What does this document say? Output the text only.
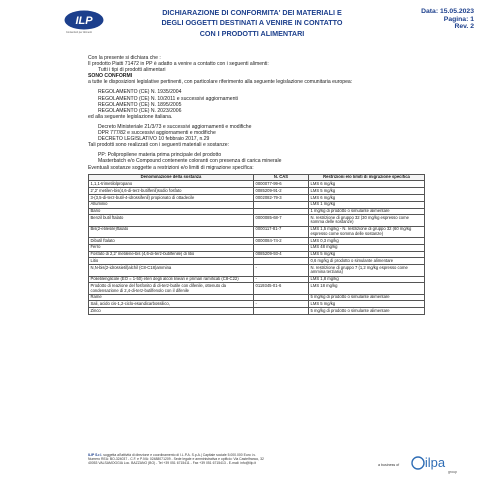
ILP
Contenitori per Alimenti
DICHIARAZIONE DI CONFORMITA' DEI MATERIALI E
DEGLI OGGETTI DESTINATI A VENIRE IN CONTATTO
CON I PRODOTTI ALIMENTARI
Data: 15.05.2023
Pagina: 1
Rev. 2

Con la presente si dichiara che :

Il prodotto Piatti 71472 in PP è adatto a venire a contatto con i seguenti alimenti:

Tutti i tipi di prodotti alimentari

SONO CONFORMI

a tutte le disposizioni legislative pertinenti, con particolare riferimento alla seguente legislazione comunitaria europea:

REGOLAMENTO (CE) N. 1935/2004

REGOLAMENTO (CE) N. 10/2011 e successivi aggiornamenti

REGOLAMENTO (CE) N. 1895/2005

REGOLAMENTO (CE) N. 2023/2006

ed alla seguente legislazione italiana.

Decreto Ministeriale 21/3/73 e successivi aggiornamenti e modifiche

DPR 777/82 e successivi aggiornamenti e modifiche

DECRETO LEGISLATIVO 10 febbraio 2017, n.29

Tali prodotti sono realizzati con i seguenti materiali e sostanze:

PP: Polipropilene materia prima principale del prodotto

Masterbatch e/o Compound contenente coloranti con presenza di carica minerale

Eventuali sostanze soggette a restrizioni e/o limiti di migrazione specifica:

Denominazione della sostanza	N. CAS	Restrizioni e/o limiti di migrazione specifica
1,1,1-trimetilolpropano	0000077-99-6	LMS 6 mg/kg
2',2' metilen-bis(4,6-di-terz-butilfenil)sodio fosfato	0085209-91-2	LMS 5 mg/kg
3-(3,5-di-terz-butil-4-idrossifenil) propionato di ottadecile	0002082-79-3	LMS 6 mg/kg
Alluminio		LMS 1 mg/kg
Bario		1 mg/kg di prodotto o simulante alimentare
Benzil butil ftalato	0000085-68-7	N. restrizione di gruppo 32 (30 mg/kg espresso come somma delle sostanze)
Bis(2-etilesile)ftalato	0000117-81-7	LMS 1,5 mg/kg - N. restrizione di gruppo 32 (60 mg/kg espresso come somma delle sostanze)
Dibutil ftalato	0000084-74-2	LMS 0,3 mg/kg
Ferro		LMS 48 mg/kg
Fosfato di 2,2' metilene-bis (4,6-di-terz-butilfenile) di litio	0085209-93-4	LMS 5 mg/kg
Litio		0,6 mg/kg di prodotto o simulante alimentare
N,N-bis(2-idrossietil)alchil (C8-C18)ammina	-	N. restrizione di gruppo 7 (1,2 mg/kg espresso come ammina terziaria)
Polietilenglicole (EO = 1-50) eteri degli alcoli lineari e primari ramificati (C8-C22)	-	LMS 1,8 mg/kg
Prodotto di reazione del fosfonito di di-terz-butile con difenile, ottenuto da condensazione di 2,4-di-terz-butilfenolo con il difenile	0119345-01-6	LMS 18 mg/kg
Rame		5 mg/kg di prodotto o simulante alimentare
Sali, acido cis-1,2-ciclo-esandicarbossilico,	-	LMS 5 mg/kg
Zinco		5 mg/kg di prodotto o simulante alimentare
ILIP S.r.l. soggetta all'attività di direzione e coordinamento di I.L.P.A. S.p.A.| Capitale sociale 5.000.000 Euro i.v.
Numero REA: BO-324037 - C.F. e P.IVA: 02488071209 - Sede legale e amministrativa e opificio: Via Castelfranco, 32
40053 VALSAMOGGIA Loc. BAZZANO (BO) - Tel +39 051 6715411 - Fax +39 051 6715413 - E-mail: info@ilip.it	a business of ilpa
group
